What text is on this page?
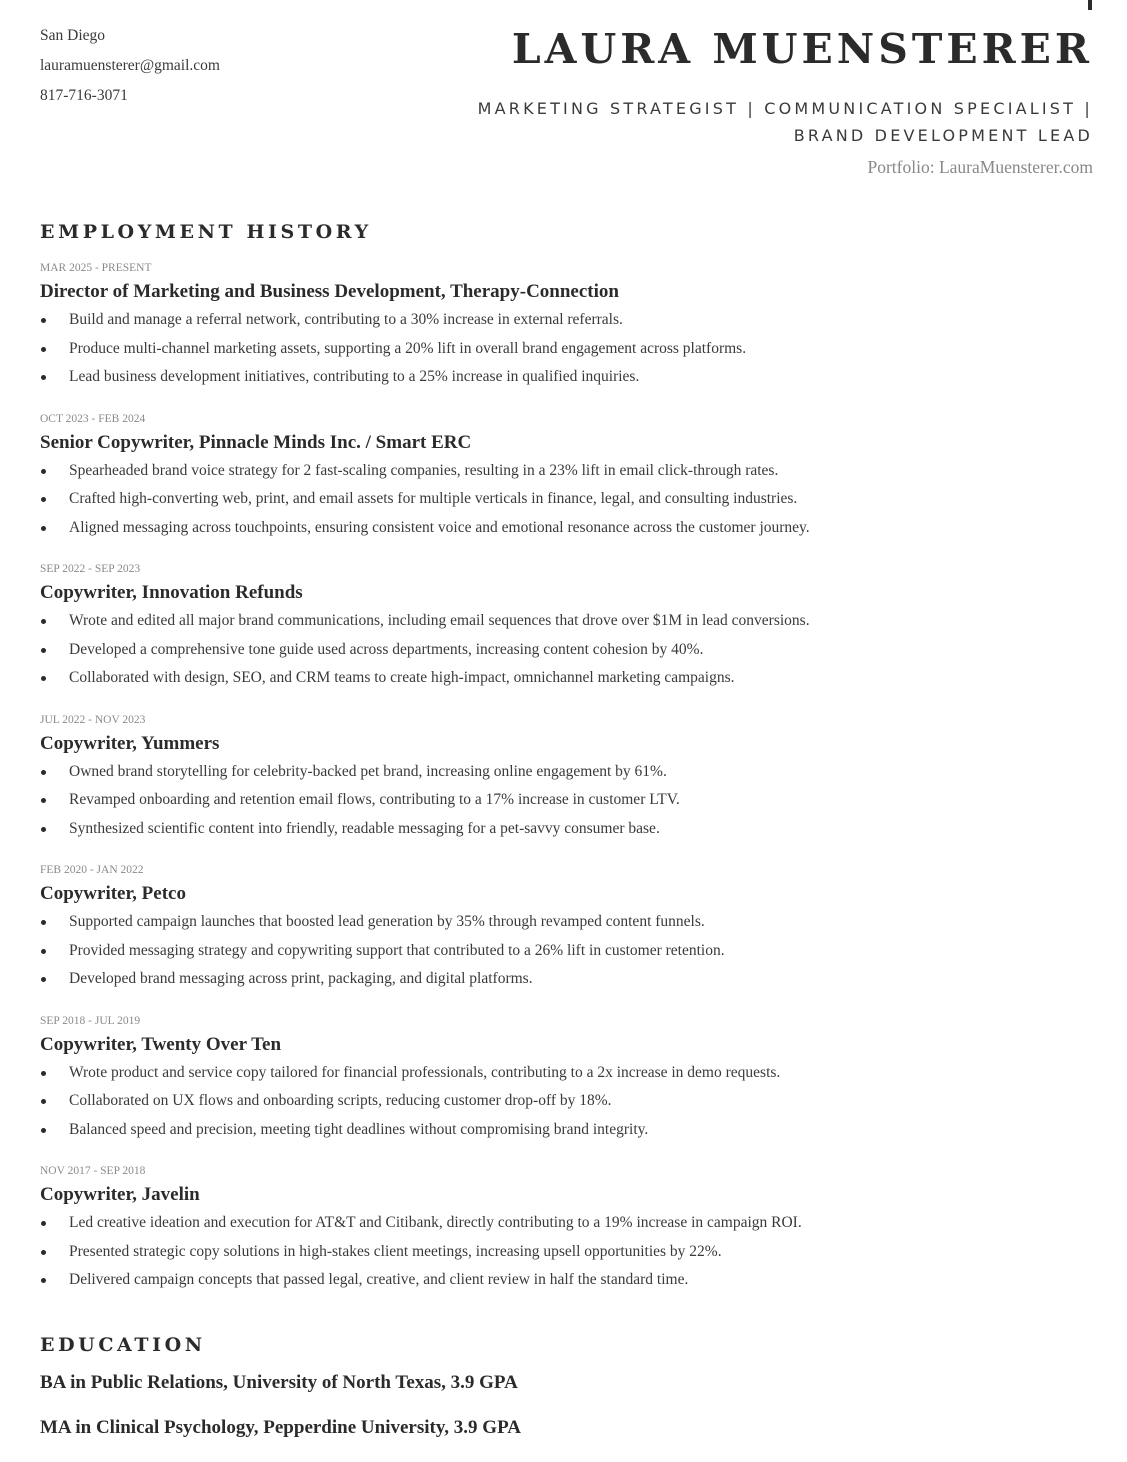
San Diego
lauramuensterer@gmail.com
817-716-3071
LAURA MUENSTERER
MARKETING STRATEGIST | COMMUNICATION SPECIALIST |
BRAND DEVELOPMENT LEAD
Portfolio: LauraMuensterer.com
EMPLOYMENT HISTORY
MAR 2025 - PRESENT
Director of Marketing and Business Development, Therapy-Connection
Build and manage a referral network, contributing to a 30% increase in external referrals.
Produce multi-channel marketing assets, supporting a 20% lift in overall brand engagement across platforms.
Lead business development initiatives, contributing to a 25% increase in qualified inquiries.
OCT 2023 - FEB 2024
Senior Copywriter, Pinnacle Minds Inc. / Smart ERC
Spearheaded brand voice strategy for 2 fast-scaling companies, resulting in a 23% lift in email click-through rates.
Crafted high-converting web, print, and email assets for multiple verticals in finance, legal, and consulting industries.
Aligned messaging across touchpoints, ensuring consistent voice and emotional resonance across the customer journey.
SEP 2022 - SEP 2023
Copywriter, Innovation Refunds
Wrote and edited all major brand communications, including email sequences that drove over $1M in lead conversions.
Developed a comprehensive tone guide used across departments, increasing content cohesion by 40%.
Collaborated with design, SEO, and CRM teams to create high-impact, omnichannel marketing campaigns.
JUL 2022 - NOV 2023
Copywriter, Yummers
Owned brand storytelling for celebrity-backed pet brand, increasing online engagement by 61%.
Revamped onboarding and retention email flows, contributing to a 17% increase in customer LTV.
Synthesized scientific content into friendly, readable messaging for a pet-savvy consumer base.
FEB 2020 - JAN 2022
Copywriter, Petco
Supported campaign launches that boosted lead generation by 35% through revamped content funnels.
Provided messaging strategy and copywriting support that contributed to a 26% lift in customer retention.
Developed brand messaging across print, packaging, and digital platforms.
SEP 2018 - JUL 2019
Copywriter, Twenty Over Ten
Wrote product and service copy tailored for financial professionals, contributing to a 2x increase in demo requests.
Collaborated on UX flows and onboarding scripts, reducing customer drop-off by 18%.
Balanced speed and precision, meeting tight deadlines without compromising brand integrity.
NOV 2017 - SEP 2018
Copywriter, Javelin
Led creative ideation and execution for AT&T and Citibank, directly contributing to a 19% increase in campaign ROI.
Presented strategic copy solutions in high-stakes client meetings, increasing upsell opportunities by 22%.
Delivered campaign concepts that passed legal, creative, and client review in half the standard time.
EDUCATION
BA in Public Relations, University of North Texas, 3.9 GPA
MA in Clinical Psychology, Pepperdine University, 3.9 GPA
